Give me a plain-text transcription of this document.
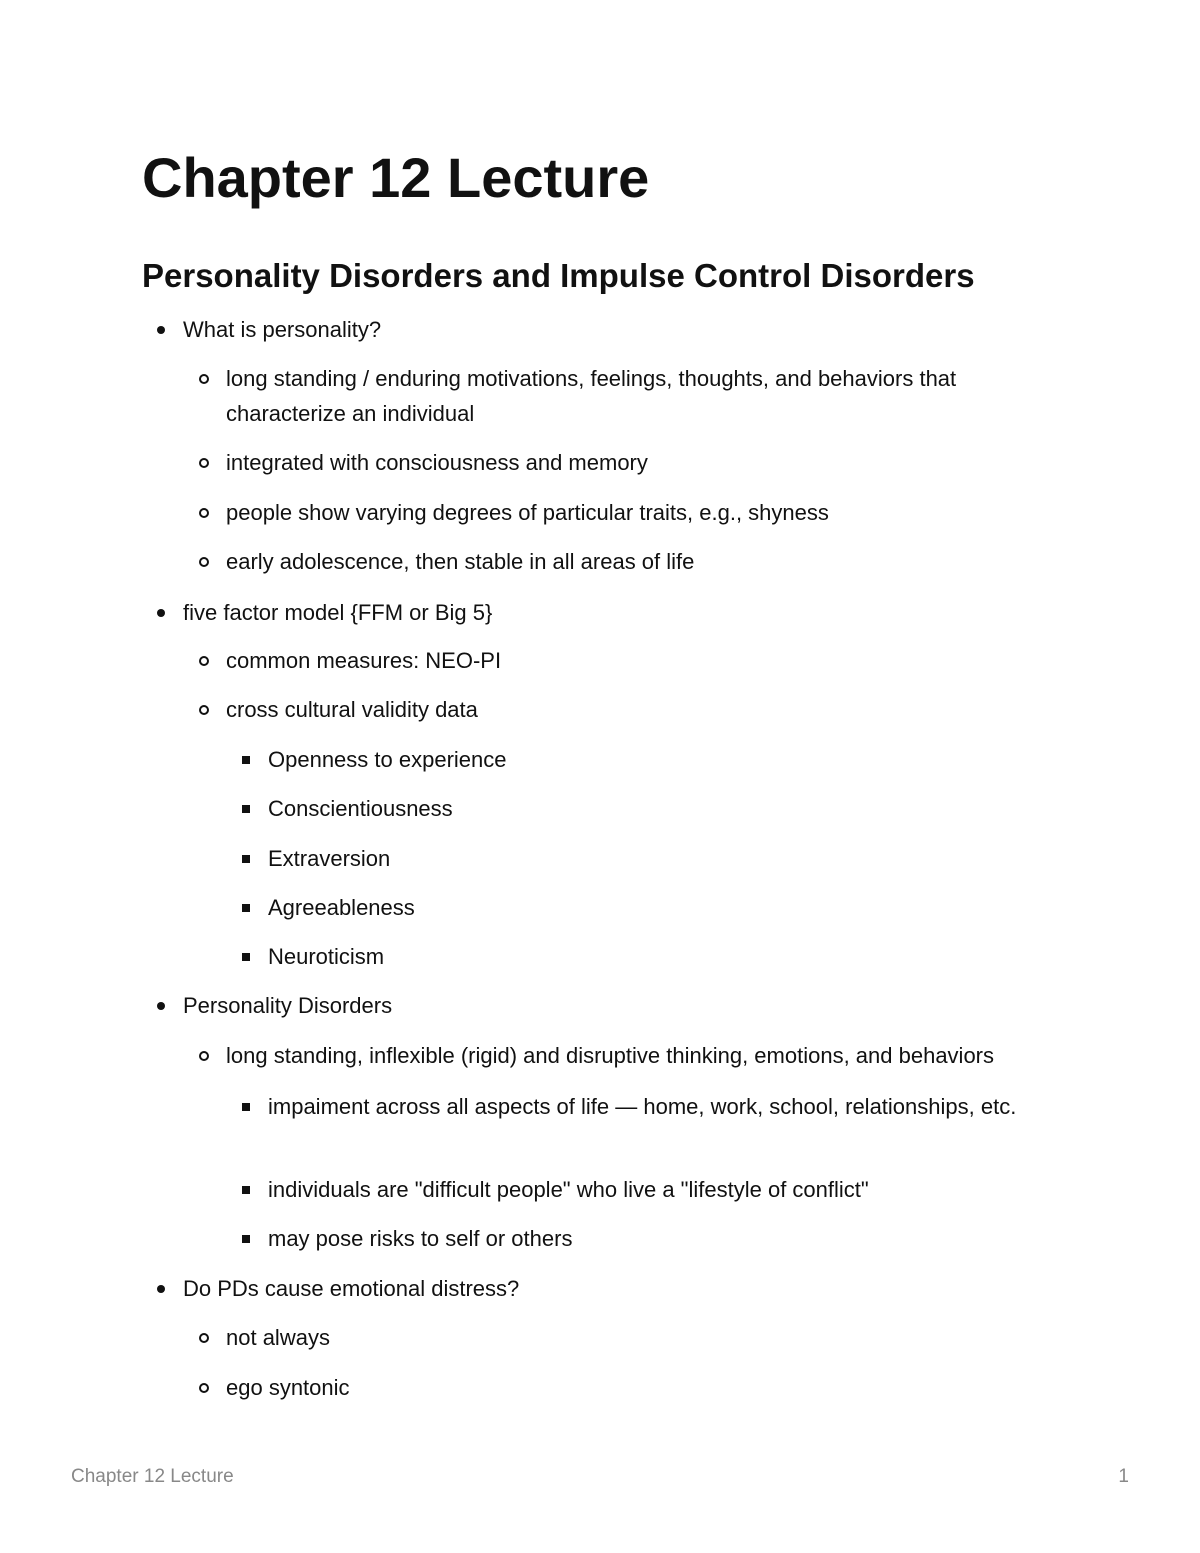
Chapter 12 Lecture
Personality Disorders and Impulse Control Disorders
What is personality?
long standing / enduring motivations, feelings, thoughts, and behaviors that characterize an individual
integrated with consciousness and memory
people show varying degrees of particular traits, e.g., shyness
early adolescence, then stable in all areas of life
five factor model {FFM or Big 5}
common measures: NEO-PI
cross cultural validity data
Openness to experience
Conscientiousness
Extraversion
Agreeableness
Neuroticism
Personality Disorders
long standing, inflexible (rigid) and disruptive thinking, emotions, and behaviors
impaiment across all aspects of life — home, work, school, relationships, etc.
individuals are "difficult people" who live a "lifestyle of conflict"
may pose risks to self or others
Do PDs cause emotional distress?
not always
ego syntonic
Chapter 12 Lecture	1
